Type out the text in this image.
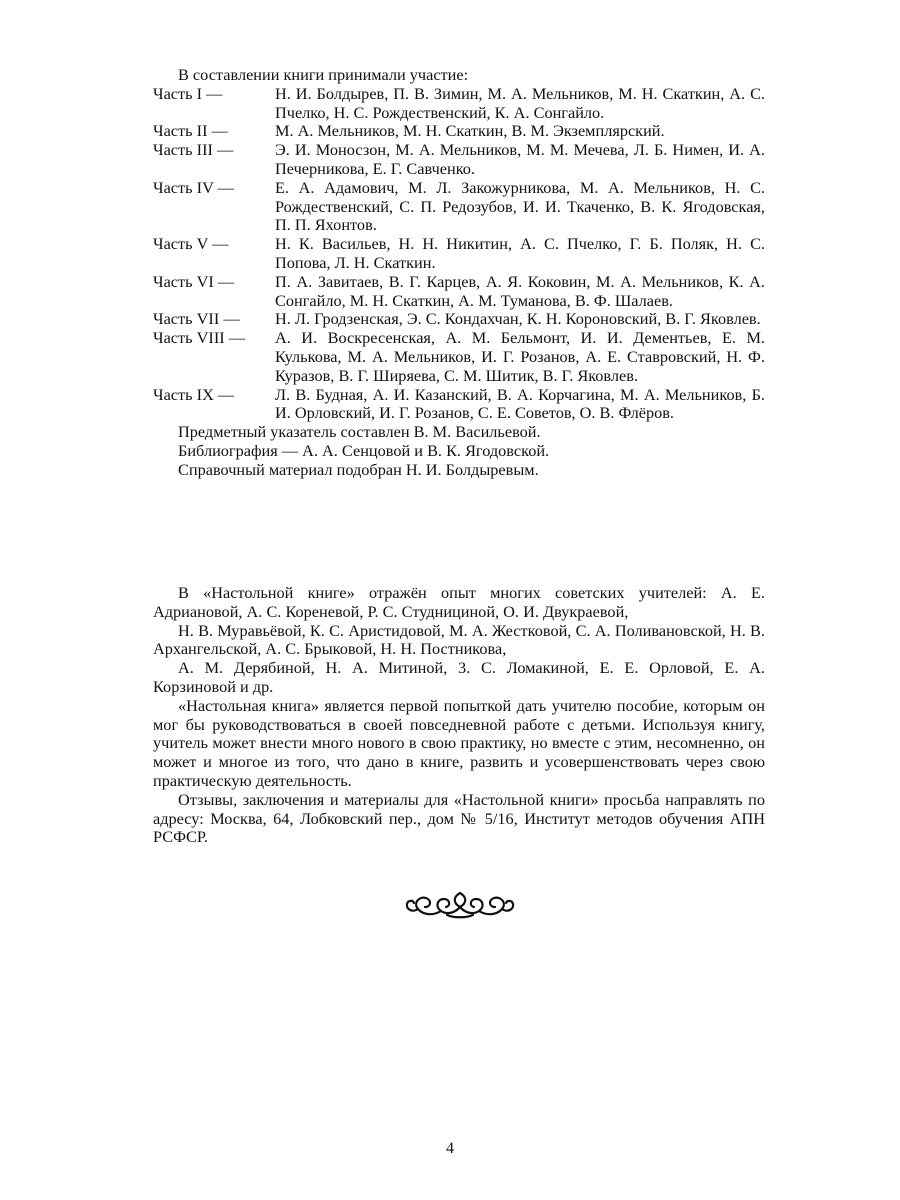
В составлении книги принимали участие:
Часть I —	Н. И. Болдырев, П. В. Зимин, М. А. Мельников, М. Н. Скаткин, А. С. Пчелко, Н. С. Рождественский, К. А. Сонгайло.
Часть II —	М. А. Мельников, М. Н. Скаткин, В. М. Экземплярский.
Часть III —	Э. И. Моносзон, М. А. Мельников, М. М. Мечева, Л. Б. Нимен, И. А. Печерникова, Е. Г. Савченко.
Часть IV —	Е. А. Адамович, М. Л. Закожурникова, М. А. Мельников, Н. С. Рождественский, С. П. Редозубов, И. И. Ткаченко, В. К. Ягодовская, П. П. Яхонтов.
Часть V —	Н. К. Васильев, Н. Н. Никитин, А. С. Пчелко, Г. Б. Поляк, Н. С. Попова, Л. Н. Скаткин.
Часть VI —	П. А. Завитаев, В. Г. Карцев, А. Я. Коковин, М. А. Мельников, К. А. Сонгайло, М. Н. Скаткин, А. М. Туманова, В. Ф. Шалаев.
Часть VII —	Н. Л. Гродзенская, Э. С. Кондахчан, К. Н. Короновский, В. Г. Яковлев.
Часть VIII —	А. И. Воскресенская, А. М. Бельмонт, И. И. Дементьев, Е. М. Кулькова, М. А. Мельников, И. Г. Розанов, А. Е. Ставровский, Н. Ф. Куразов, В. Г. Ширяева, С. М. Шитик, В. Г. Яковлев.
Часть IX —	Л. В. Будная, А. И. Казанский, В. А. Корчагина, М. А. Мельников, Б. И. Орловский, И. Г. Розанов, С. Е. Советов, О. В. Флёров.
Предметный указатель составлен В. М. Васильевой.
Библиография — А. А. Сенцовой и В. К. Ягодовской.
Справочный материал подобран Н. И. Болдыревым.
В «Настольной книге» отражён опыт многих советских учителей: А. Е. Адриановой, А. С. Кореневой, Р. С. Студнициной, О. И. Двукраевой,
Н. В. Муравьёвой, К. С. Аристидовой, М. А. Жестковой, С. А. Поливановской, Н. В. Архангельской, А. С. Брыковой, Н. Н. Постникова,
А. М. Дерябиной, Н. А. Митиной, 3. С. Ломакиной, Е. Е. Орловой, Е. А. Корзиновой и др.
«Настольная книга» является первой попыткой дать учителю пособие, которым он мог бы руководствоваться в своей повседневной работе с детьми. Используя книгу, учитель может внести много нового в свою практику, но вместе с этим, несомненно, он может и многое из того, что дано в книге, развить и усовершенствовать через свою практическую деятельность.
Отзывы, заключения и материалы для «Настольной книги» просьба направлять по адресу: Москва, 64, Лобковский пер., дом № 5/16, Институт методов обучения АПН РСФСР.
4
